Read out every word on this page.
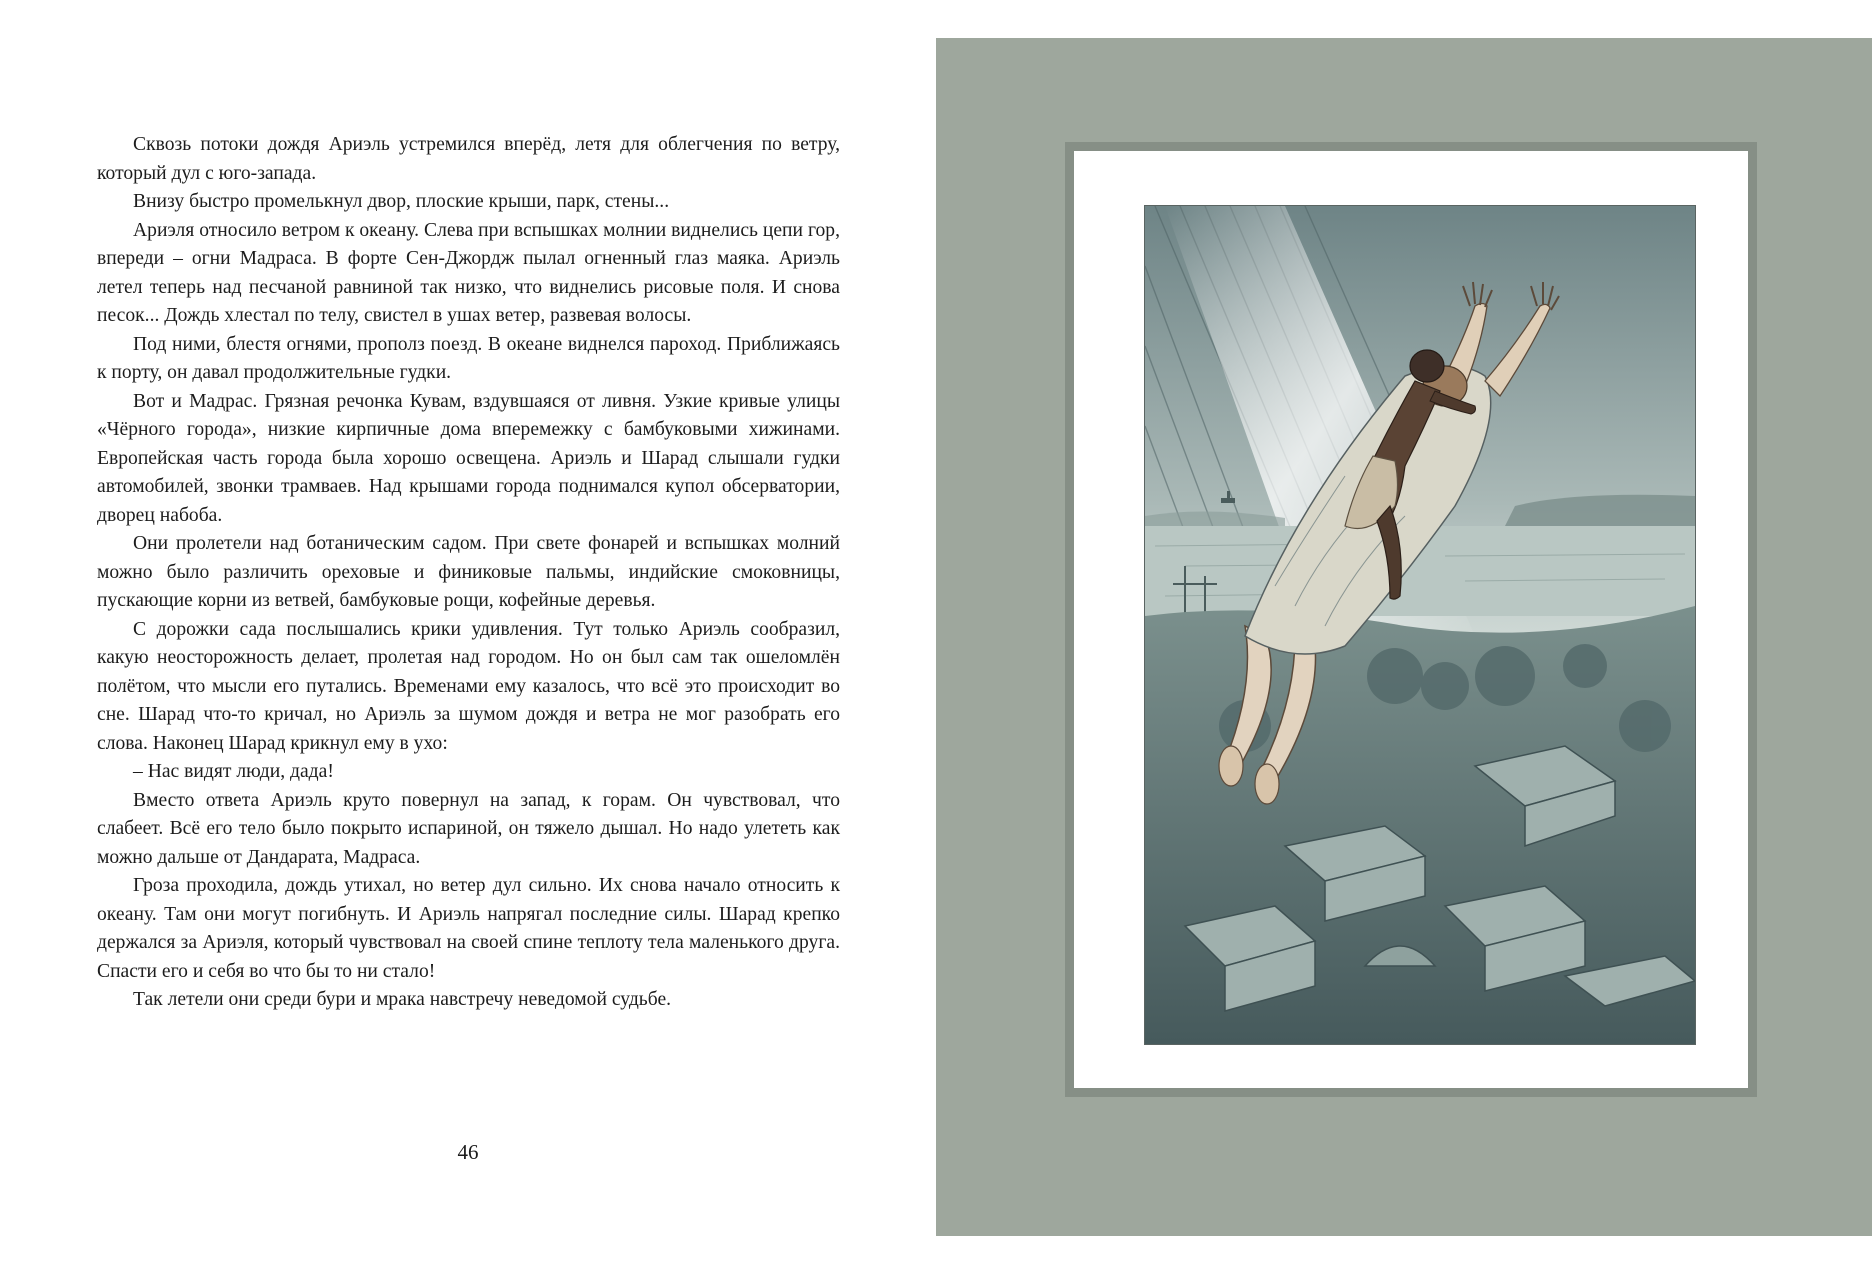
Сквозь потоки дождя Ариэль устремился вперёд, летя для облегчения по ветру, который дул с юго-запада.

Внизу быстро промелькнул двор, плоские крыши, парк, стены...

Ариэля относило ветром к океану. Слева при вспышках молнии виднелись цепи гор, впереди – огни Мадраса. В форте Сен-Джордж пылал огненный глаз маяка. Ариэль летел теперь над песчаной равниной так низко, что виднелись рисовые поля. И снова песок... Дождь хлестал по телу, свистел в ушах ветер, развевая волосы.

Под ними, блестя огнями, прополз поезд. В океане виднелся пароход. Приближаясь к порту, он давал продолжительные гудки.

Вот и Мадрас. Грязная речонка Кувам, вздувшаяся от ливня. Узкие кривые улицы «Чёрного города», низкие кирпичные дома вперемежку с бамбуковыми хижинами. Европейская часть города была хорошо освещена. Ариэль и Шарад слышали гудки автомобилей, звонки трамваев. Над крышами города поднимался купол обсерватории, дворец набоба.

Они пролетели над ботаническим садом. При свете фонарей и вспышках молний можно было различить ореховые и финиковые пальмы, индийские смоковницы, пускающие корни из ветвей, бамбуковые рощи, кофейные деревья.

С дорожки сада послышались крики удивления. Тут только Ариэль сообразил, какую неосторожность делает, пролетая над городом. Но он был сам так ошеломлён полётом, что мысли его путались. Временами ему казалось, что всё это происходит во сне. Шарад что-то кричал, но Ариэль за шумом дождя и ветра не мог разобрать его слова. Наконец Шарад крикнул ему в ухо:

– Нас видят люди, дада!

Вместо ответа Ариэль круто повернул на запад, к горам. Он чувствовал, что слабеет. Всё его тело было покрыто испариной, он тяжело дышал. Но надо улететь как можно дальше от Дандарата, Мадраса.

Гроза проходила, дождь утихал, но ветер дул сильно. Их снова начало относить к океану. Там они могут погибнуть. И Ариэль напрягал последние силы. Шарад крепко держался за Ариэля, который чувствовал на своей спине теплоту тела маленького друга. Спасти его и себя во что бы то ни стало!

Так летели они среди бури и мрака навстречу неведомой судьбе.

46
